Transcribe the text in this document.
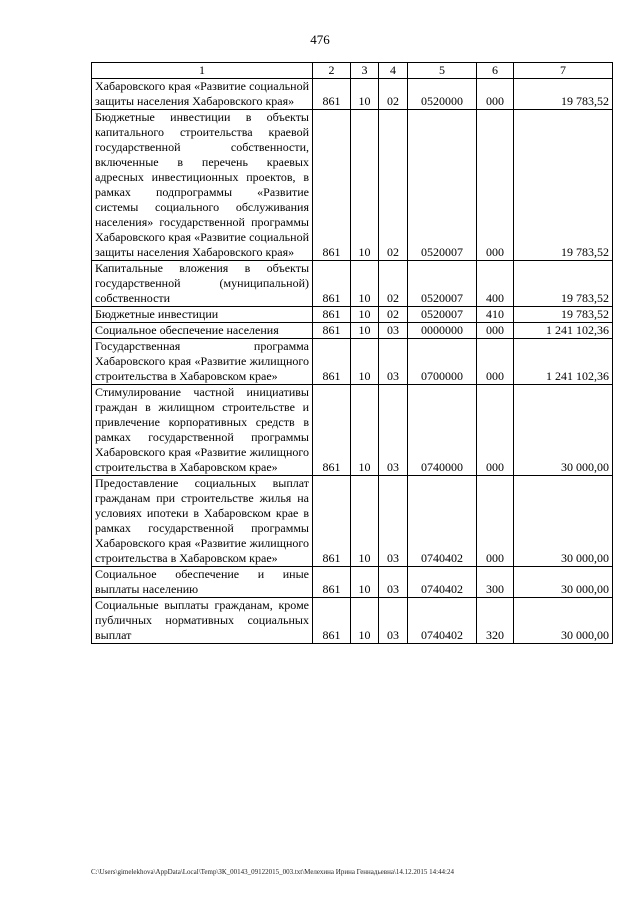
476
1	2	3	4	5	6	7
Хабаровского края «Развитие социальной защиты населения Хабаровского края»	861	10	02	0520000	000	19 783,52
Бюджетные инвестиции в объекты капитального строительства краевой государственной собственности, включенные в перечень краевых адресных инвестиционных проектов, в рамках подпрограммы «Развитие системы социального обслуживания населения» государственной программы Хабаровского края «Развитие социальной защиты населения Хабаровского края»	861	10	02	0520007	000	19 783,52
Капитальные вложения в объекты государственной (муниципальной) собственности	861	10	02	0520007	400	19 783,52
Бюджетные инвестиции	861	10	02	0520007	410	19 783,52
Социальное обеспечение населения	861	10	03	0000000	000	1 241 102,36
Государственная программа Хабаровского края «Развитие жилищного строительства в Хабаровском крае»	861	10	03	0700000	000	1 241 102,36
Стимулирование частной инициативы граждан в жилищном строительстве и привлечение корпоративных средств в рамках государственной программы Хабаровского края «Развитие жилищного строительства в Хабаровском крае»	861	10	03	0740000	000	30 000,00
Предоставление социальных выплат гражданам при строительстве жилья на условиях ипотеки в Хабаровском крае в рамках государственной программы Хабаровского края «Развитие жилищного строительства в Хабаровском крае»	861	10	03	0740402	000	30 000,00
Социальное обеспечение и иные выплаты населению	861	10	03	0740402	300	30 000,00
Социальные выплаты гражданам, кроме публичных нормативных социальных выплат	861	10	03	0740402	320	30 000,00
C:\Users\gimelekhova\AppData\Local\Temp\ЗК_00143_09122015_003.txt\Мелехина Ирина Геннадьевна\14.12.2015 14:44:24
